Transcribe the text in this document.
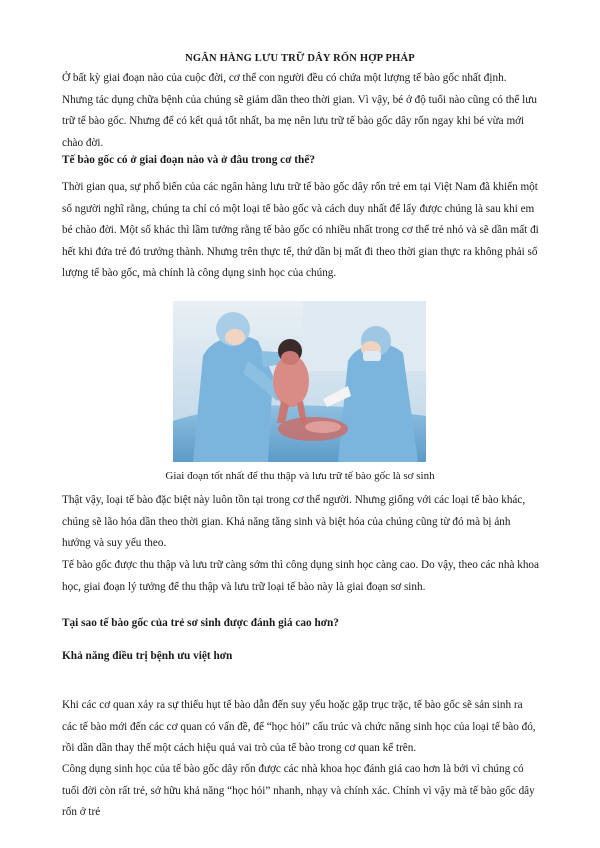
NGÂN HÀNG LƯU TRỮ DÂY RỐN HỢP PHÁP

Ở bất kỳ giai đoạn nào của cuộc đời, cơ thể con người đều có chứa một lượng tế bào gốc nhất định. Nhưng tác dụng chữa bệnh của chúng sẽ giảm dần theo thời gian. Vì vậy, bé ở độ tuổi nào cũng có thể lưu trữ tế bào gốc. Nhưng để có kết quả tốt nhất, ba mẹ nên lưu trữ tế bào gốc dây rốn ngay khi bé vừa mới chào đời.

Tế bào gốc có ở giai đoạn nào và ở đâu trong cơ thể?

Thời gian qua, sự phổ biến của các ngân hàng lưu trữ tế bào gốc dây rốn trẻ em tại Việt Nam đã khiến một số người nghĩ rằng, chúng ta chỉ có một loại tế bào gốc và cách duy nhất để lấy được chúng là sau khi em bé chào đời. Một số khác thì lầm tưởng rằng tế bào gốc có nhiều nhất trong cơ thể trẻ nhỏ và sẽ dần mất đi hết khi đứa trẻ đó trưởng thành. Nhưng trên thực tế, thứ dần bị mất đi theo thời gian thực ra không phải số lượng tế bào gốc, mà chính là công dụng sinh học của chúng.

Giai đoạn tốt nhất để thu thập và lưu trữ tế bào gốc là sơ sinh

Thật vậy, loại tế bào đặc biệt này luôn tồn tại trong cơ thể người. Nhưng giống với các loại tế bào khác, chúng sẽ lão hóa dần theo thời gian. Khả năng tăng sinh và biệt hóa của chúng cũng từ đó mà bị ảnh hưởng và suy yếu theo.

Tế bào gốc được thu thập và lưu trữ càng sớm thì công dụng sinh học càng cao. Do vậy, theo các nhà khoa học, giai đoạn lý tưởng để thu thập và lưu trữ loại tế bào này là giai đoạn sơ sinh.

Tại sao tế bào gốc của trẻ sơ sinh được đánh giá cao hơn?

Khả năng điều trị bệnh ưu việt hơn

Khi các cơ quan xảy ra sự thiếu hụt tế bào dẫn đến suy yếu hoặc gặp trục trặc, tế bào gốc sẽ sản sinh ra các tế bào mới đến các cơ quan có vấn đề, để “học hỏi” cấu trúc và chức năng sinh học của loại tế bào đó, rồi dần dần thay thế một cách hiệu quả vai trò của tế bào trong cơ quan kể trên.

Công dụng sinh học của tế bào gốc dây rốn được các nhà khoa học đánh giá cao hơn là bởi vì chúng có tuổi đời còn rất trẻ, sở hữu khả năng “học hỏi” nhanh, nhạy và chính xác. Chính vì vậy mà tế bào gốc dây rốn ở trẻ
